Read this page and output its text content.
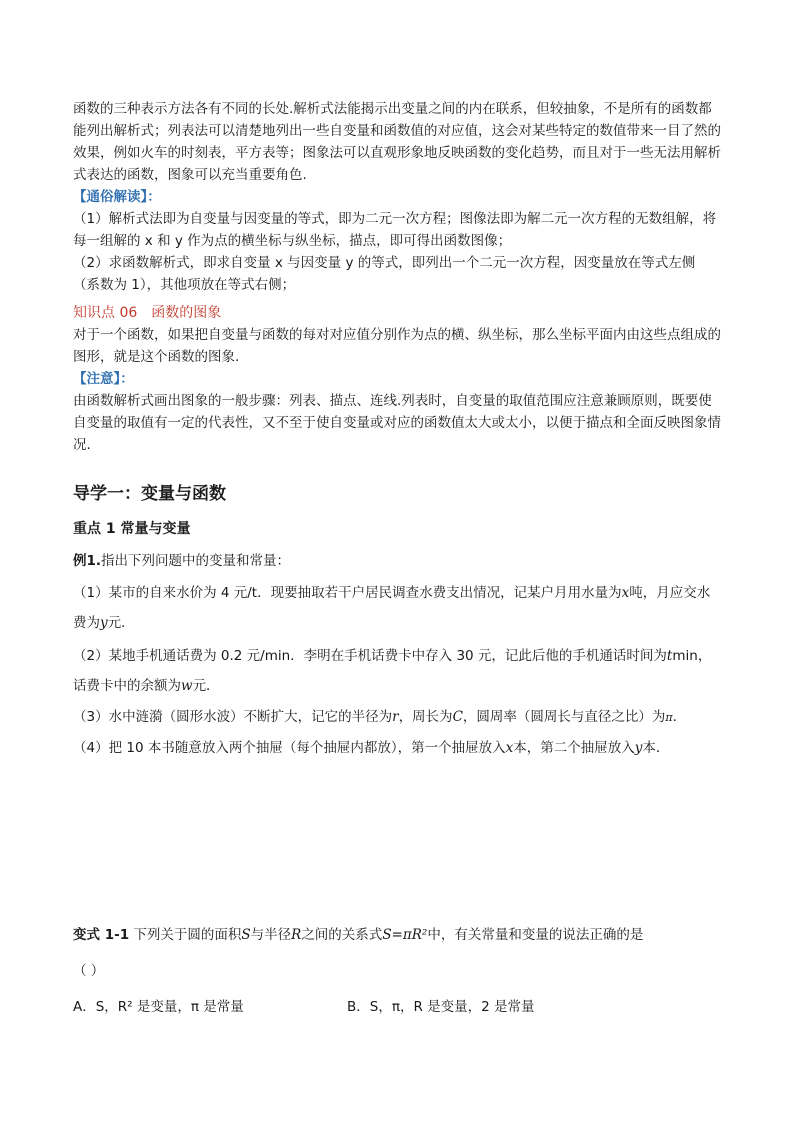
函数的三种表示方法各有不同的长处.解析式法能揭示出变量之间的内在联系，但较抽象，不是所有的函数都能列出解析式；列表法可以清楚地列出一些自变量和函数值的对应值，这会对某些特定的数值带来一目了然的效果，例如火车的时刻表，平方表等；图象法可以直观形象地反映函数的变化趋势，而且对于一些无法用解析式表达的函数，图象可以充当重要角色.
【通俗解读】：
（1）解析式法即为自变量与因变量的等式，即为二元一次方程；图像法即为解二元一次方程的无数组解，将每一组解的 x 和 y 作为点的横坐标与纵坐标，描点，即可得出函数图像；
（2）求函数解析式，即求自变量 x 与因变量 y 的等式，即列出一个二元一次方程，因变量放在等式左侧（系数为 1），其他项放在等式右侧；
知识点 06 函数的图象
对于一个函数，如果把自变量与函数的每对对应值分别作为点的横、纵坐标，那么坐标平面内由这些点组成的图形，就是这个函数的图象.
【注意】：
由函数解析式画出图象的一般步骤：列表、描点、连线.列表时，自变量的取值范围应注意兼顾原则，既要使自变量的取值有一定的代表性，又不至于使自变量或对应的函数值太大或太小，以便于描点和全面反映图象情况.
导学一：变量与函数
重点 1 常量与变量
例1.指出下列问题中的变量和常量：
（1）某市的自来水价为 4 元/t．现要抽取若干户居民调查水费支出情况，记某户月用水量为x吨，月应交水
费为y元．
（2）某地手机通话费为 0.2 元/min．李明在手机话费卡中存入 30 元，记此后他的手机通话时间为tmin，
话费卡中的余额为w元．
（3）水中涟漪（圆形水波）不断扩大，记它的半径为r，周长为C，圆周率（圆周长与直径之比）为π．
（4）把 10 本书随意放入两个抽屉（每个抽屉内都放），第一个抽屉放入x本，第二个抽屉放入y本．
变式 1-1 下列关于圆的面积S与半径R之间的关系式S=πR²中，有关常量和变量的说法正确的是
（ ）
A．S，R² 是变量，π 是常量	B．S，π，R 是变量，2 是常量
